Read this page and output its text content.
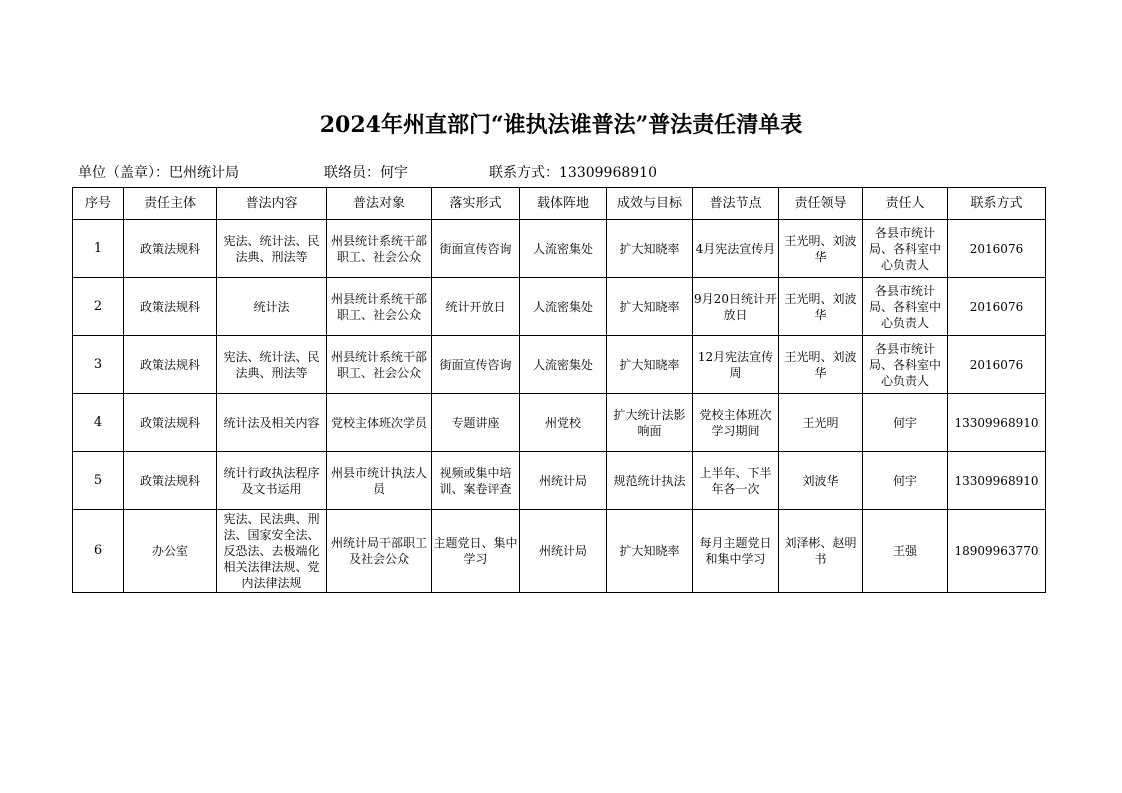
2024年州直部门“谁执法谁普法”普法责任清单表
单位（盖章）：巴州统计局	联络员：何宇	联系方式：13309968910
序号	责任主体	普法内容	普法对象	落实形式	载体阵地	成效与目标	普法节点	责任领导	责任人	联系方式
1	政策法规科	宪法、统计法、民法典、刑法等	州县统计系统干部职工、社会公众	街面宣传咨询	人流密集处	扩大知晓率	4月宪法宣传月	王光明、刘波华	各县市统计局、各科室中心负责人	2016076
2	政策法规科	统计法	州县统计系统干部职工、社会公众	统计开放日	人流密集处	扩大知晓率	9月20日统计开放日	王光明、刘波华	各县市统计局、各科室中心负责人	2016076
3	政策法规科	宪法、统计法、民法典、刑法等	州县统计系统干部职工、社会公众	街面宣传咨询	人流密集处	扩大知晓率	12月宪法宣传周	王光明、刘波华	各县市统计局、各科室中心负责人	2016076
4	政策法规科	统计法及相关内容	党校主体班次学员	专题讲座	州党校	扩大统计法影响面	党校主体班次学习期间	王光明	何宇	13309968910
5	政策法规科	统计行政执法程序及文书运用	州县市统计执法人员	视频或集中培训、案卷评查	州统计局	规范统计执法	上半年、下半年各一次	刘波华	何宇	13309968910
6	办公室	宪法、民法典、刑法、国家安全法、反恐法、去极端化相关法律法规、党内法律法规	州统计局干部职工及社会公众	主题党日、集中学习	州统计局	扩大知晓率	每月主题党日和集中学习	刘泽彬、赵明书	王强	18909963770
